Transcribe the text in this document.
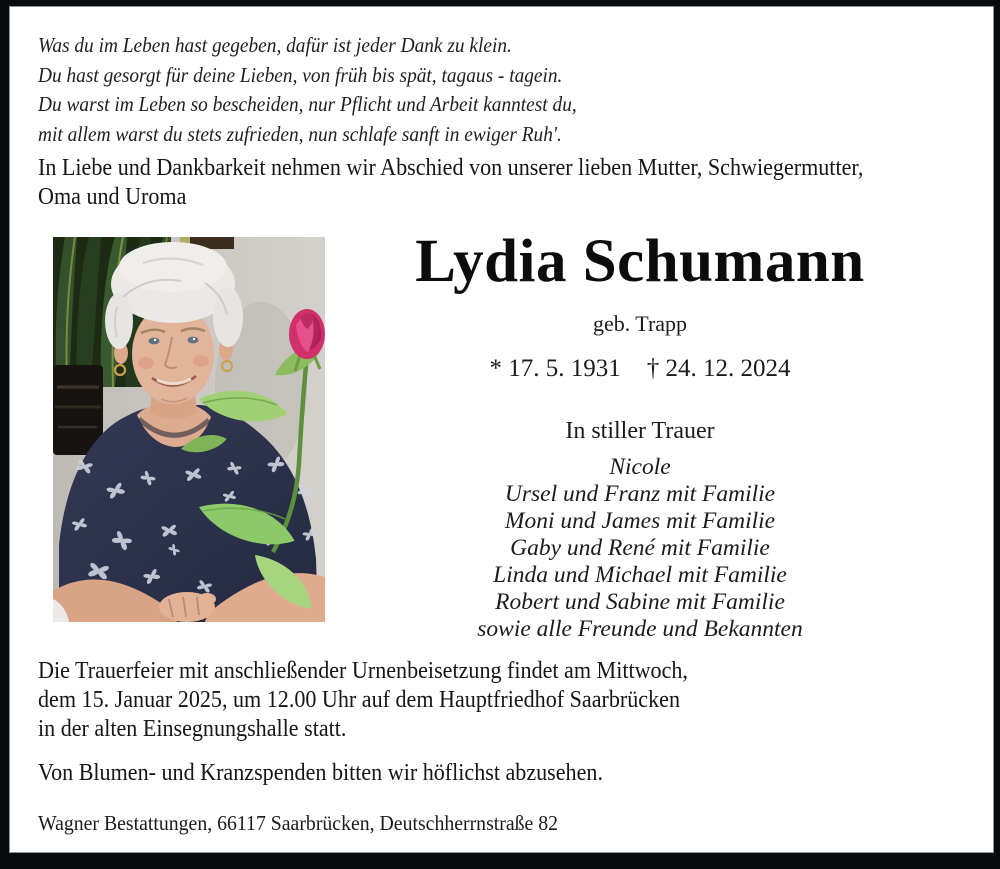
Was du im Leben hast gegeben, dafür ist jeder Dank zu klein.
Du hast gesorgt für deine Lieben, von früh bis spät, tagaus - tagein.
Du warst im Leben so bescheiden, nur Pflicht und Arbeit kanntest du,
mit allem warst du stets zufrieden, nun schlafe sanft in ewiger Ruh'.
In Liebe und Dankbarkeit nehmen wir Abschied von unserer lieben Mutter, Schwiegermutter,
Oma und Uroma
Lydia Schumann
geb. Trapp
* 17. 5. 1931 † 24. 12. 2024
In stiller Trauer
Nicole
Ursel und Franz mit Familie
Moni und James mit Familie
Gaby und René mit Familie
Linda und Michael mit Familie
Robert und Sabine mit Familie
sowie alle Freunde und Bekannten
Die Trauerfeier mit anschließender Urnenbeisetzung findet am Mittwoch,
dem 15. Januar 2025, um 12.00 Uhr auf dem Hauptfriedhof Saarbrücken
in der alten Einsegnungshalle statt.
Von Blumen- und Kranzspenden bitten wir höflichst abzusehen.
Wagner Bestattungen, 66117 Saarbrücken, Deutschherrnstraße 82
